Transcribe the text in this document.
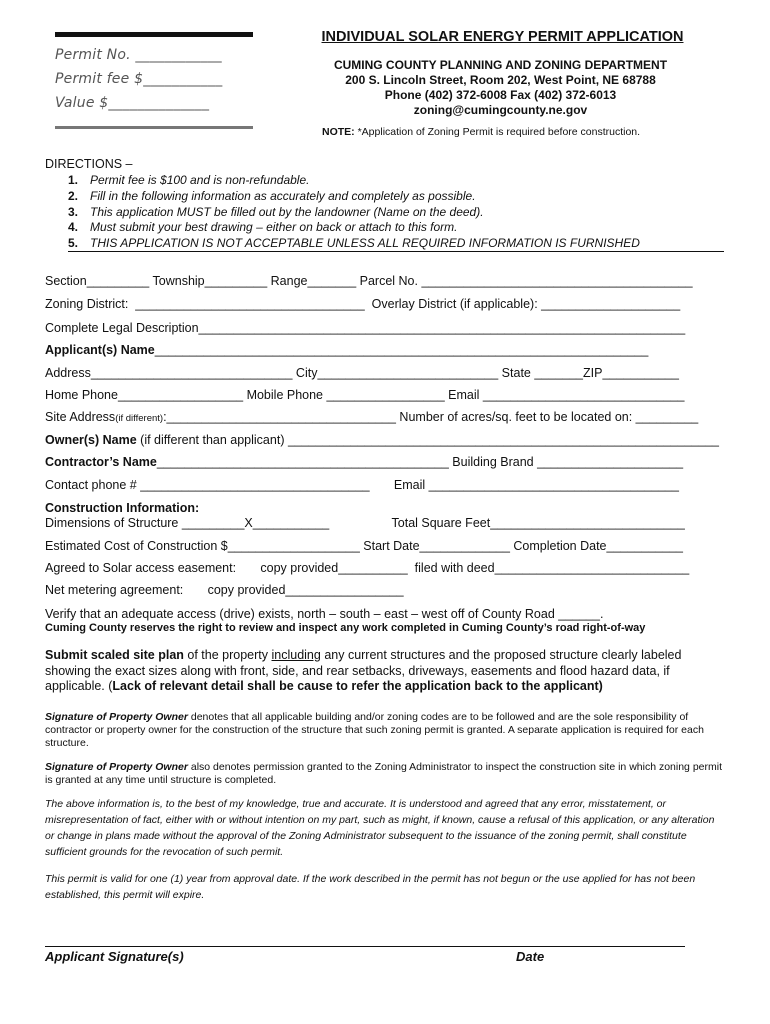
Permit No. ____________
Permit fee $___________
Value $______________
INDIVIDUAL SOLAR ENERGY PERMIT APPLICATION
CUMING COUNTY PLANNING AND ZONING DEPARTMENT
200 S. Lincoln Street, Room 202, West Point, NE 68788
Phone (402) 372-6008 Fax (402) 372-6013
zoning@cumingcounty.ne.gov
NOTE: *Application of Zoning Permit is required before construction.
DIRECTIONS –
1. Permit fee is $100 and is non-refundable.
2. Fill in the following information as accurately and completely as possible.
3. This application MUST be filled out by the landowner (Name on the deed).
4. Must submit your best drawing – either on back or attach to this form.
5. THIS APPLICATION IS NOT ACCEPTABLE UNLESS ALL REQUIRED INFORMATION IS FURNISHED
Section_________ Township_________ Range_______ Parcel No. _______________________________________
Zoning District:  _________________________________  Overlay District (if applicable): ____________________
Complete Legal Description______________________________________________________________________
Applicant(s) Name_______________________________________________________________________
Address_____________________________ City__________________________ State _______ZIP___________
Home Phone__________________ Mobile Phone _________________ Email _____________________________
Site Address(if different):_________________________________ Number of acres/sq. feet to be located on: _________
Owner(s) Name (if different than applicant) ______________________________________________________________
Contractor’s Name__________________________________________ Building Brand _____________________
Contact phone # _________________________________       Email ____________________________________
Construction Information:
Dimensions of Structure _________X___________                  Total Square Feet____________________________
Estimated Cost of Construction $___________________ Start Date_____________ Completion Date___________
Agreed to Solar access easement:       copy provided__________  filed with deed____________________________
Net metering agreement:       copy provided_________________
Verify that an adequate access (drive) exists, north – south – east – west off of County Road ______.
Cuming County reserves the right to review and inspect any work completed in Cuming County’s road right-of-way
Submit scaled site plan of the property including any current structures and the proposed structure clearly labeled showing the exact sizes along with front, side, and rear setbacks, driveways, easements and flood hazard data, if applicable. (Lack of relevant detail shall be cause to refer the application back to the applicant)
Signature of Property Owner denotes that all applicable building and/or zoning codes are to be followed and are the sole responsibility of contractor or property owner for the construction of the structure that such zoning permit is granted. A separate application is required for each structure.
Signature of Property Owner also denotes permission granted to the Zoning Administrator to inspect the construction site in which zoning permit is granted at any time until structure is completed.
The above information is, to the best of my knowledge, true and accurate. It is understood and agreed that any error, misstatement, or misrepresentation of fact, either with or without intention on my part, such as might, if known, cause a refusal of this application, or any alteration or change in plans made without the approval of the Zoning Administrator subsequent to the issuance of the zoning permit, shall constitute sufficient grounds for the revocation of such permit.
This permit is valid for one (1) year from approval date. If the work described in the permit has not begun or the use applied for has not been established, this permit will expire.
Applicant Signature(s)	Date
